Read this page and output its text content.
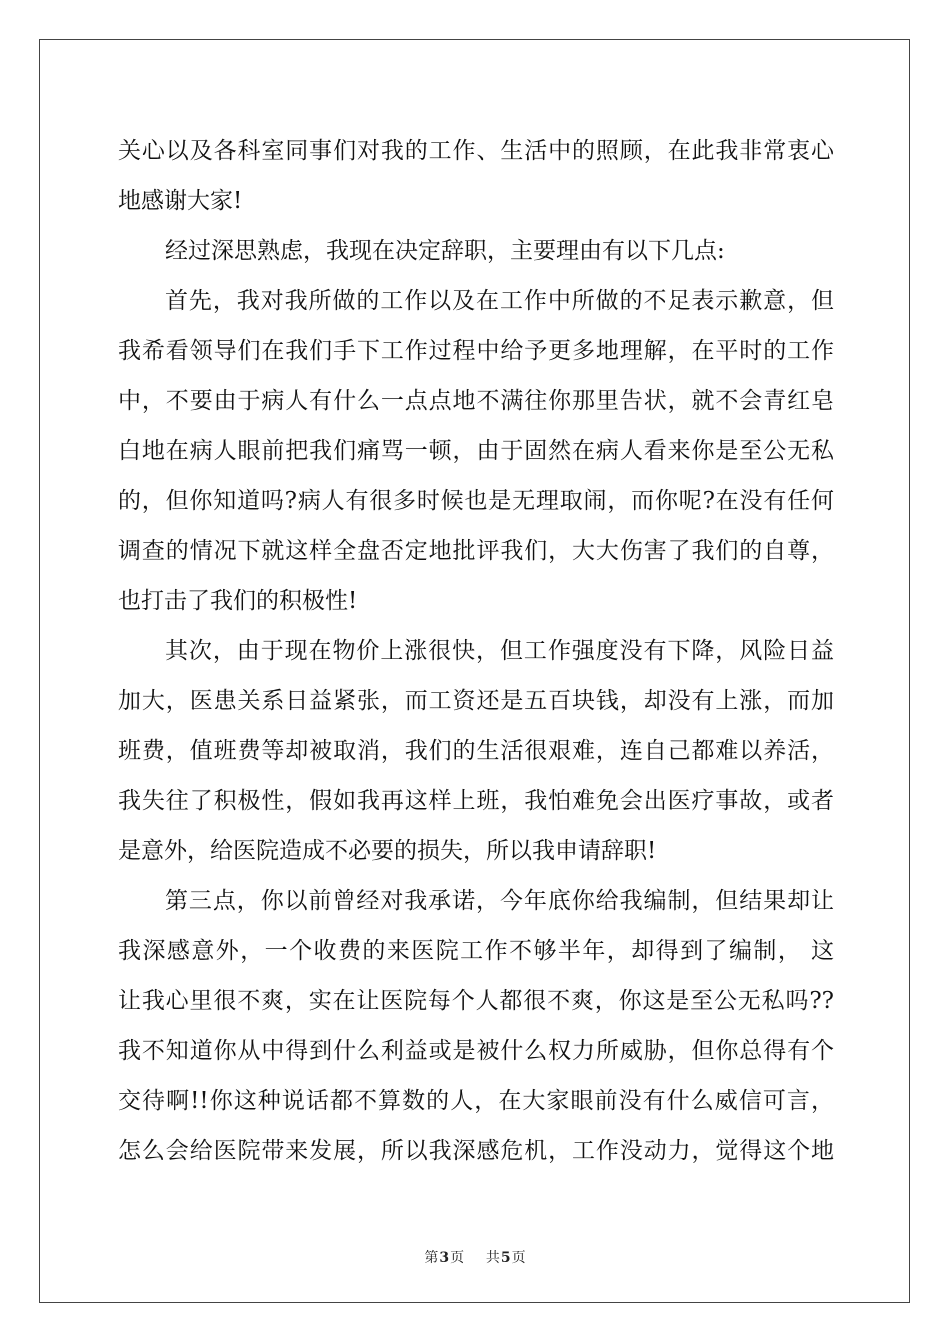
关心以及各科室同事们对我的工作、生活中的照顾，在此我非常衷心
地感谢大家!
经过深思熟虑，我现在决定辞职，主要理由有以下几点:
首先，我对我所做的工作以及在工作中所做的不足表示歉意，但
我希看领导们在我们手下工作过程中给予更多地理解，在平时的工作
中，不要由于病人有什么一点点地不满往你那里告状，就不会青红皂
白地在病人眼前把我们痛骂一顿，由于固然在病人看来你是至公无私
的，但你知道吗?病人有很多时候也是无理取闹，而你呢?在没有任何
调查的情况下就这样全盘否定地批评我们，大大伤害了我们的自尊，
也打击了我们的积极性!
其次，由于现在物价上涨很快，但工作强度没有下降，风险日益
加大，医患关系日益紧张，而工资还是五百块钱，却没有上涨，而加
班费，值班费等却被取消，我们的生活很艰难，连自己都难以养活，
我失往了积极性，假如我再这样上班，我怕难免会出医疗事故，或者
是意外，给医院造成不必要的损失，所以我申请辞职!
第三点，你以前曾经对我承诺，今年底你给我编制，但结果却让
我深感意外，一个收费的来医院工作不够半年，却得到了编制， 这
让我心里很不爽，实在让医院每个人都很不爽，你这是至公无私吗??
我不知道你从中得到什么利益或是被什么权力所威胁，但你总得有个
交待啊!!你这种说话都不算数的人，在大家眼前没有什么威信可言，
怎么会给医院带来发展，所以我深感危机，工作没动力，觉得这个地
第3页 共5页
